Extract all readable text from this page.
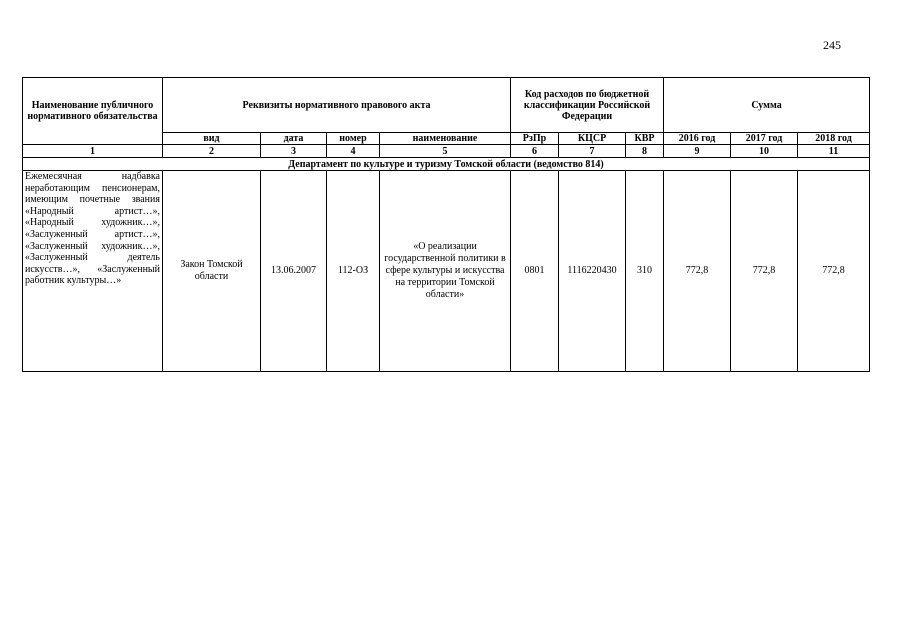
245
Наименование публичного нормативного обязательства	Реквизиты нормативного правового акта				Код расходов по бюджетной классификации Российской Федерации			Сумма		
	вид	дата	номер	наименование	РзПр	КЦСР	КВР	2016 год	2017 год	2018 год
1	2	3	4	5	6	7	8	9	10	11
Департамент по культуре и туризму Томской области (ведомство 814)										

Ежемесячная надбавка неработающим пенсионерам, имеющим почетные звания «Народный артист…», «Народный художник…», «Заслуженный артист…», «Заслуженный художник…», «Заслуженный деятель искусств…», «Заслуженный работник культуры…»	Закон Томской области	13.06.2007	112-ОЗ	«О реализации государственной политики в сфере культуры и искусства на территории Томской области»	0801	1116220430	310	772,8	772,8	772,8
